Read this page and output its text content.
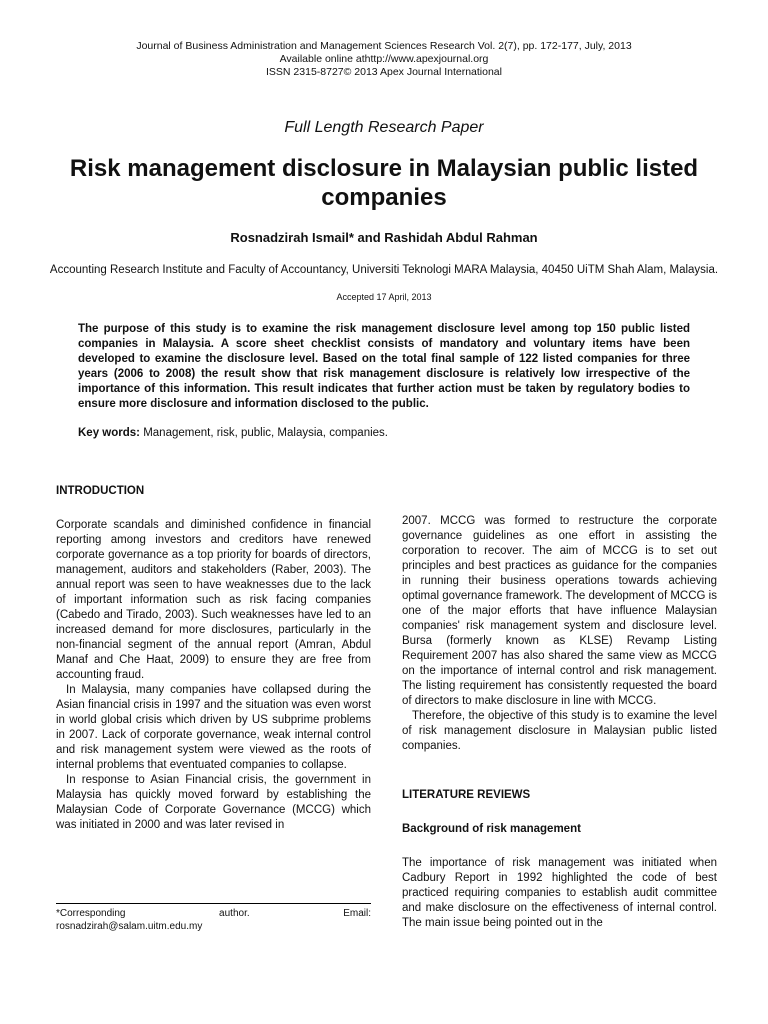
Journal of Business Administration and Management Sciences Research Vol. 2(7), pp. 172-177, July, 2013
Available online athttp://www.apexjournal.org
ISSN 2315-8727© 2013 Apex Journal International
Full Length Research Paper
Risk management disclosure in Malaysian public listed companies
Rosnadzirah Ismail* and Rashidah Abdul Rahman
Accounting Research Institute and Faculty of Accountancy, Universiti Teknologi MARA Malaysia, 40450 UiTM Shah Alam, Malaysia.
Accepted 17 April, 2013
The purpose of this study is to examine the risk management disclosure level among top 150 public listed companies in Malaysia. A score sheet checklist consists of mandatory and voluntary items have been developed to examine the disclosure level. Based on the total final sample of 122 listed companies for three years (2006 to 2008) the result show that risk management disclosure is relatively low irrespective of the importance of this information. This result indicates that further action must be taken by regulatory bodies to ensure more disclosure and information disclosed to the public.
Key words: Management, risk, public, Malaysia, companies.
INTRODUCTION

Corporate scandals and diminished confidence in financial reporting among investors and creditors have renewed corporate governance as a top priority for boards of directors, management, auditors and stakeholders (Raber, 2003). The annual report was seen to have weaknesses due to the lack of important information such as risk facing companies (Cabedo and Tirado, 2003). Such weaknesses have led to an increased demand for more disclosures, particularly in the non-financial segment of the annual report (Amran, Abdul Manaf and Che Haat, 2009) to ensure they are free from accounting fraud.

In Malaysia, many companies have collapsed during the Asian financial crisis in 1997 and the situation was even worst in world global crisis which driven by US subprime problems in 2007. Lack of corporate governance, weak internal control and risk management system were viewed as the roots of internal problems that eventuated companies to collapse.

In response to Asian Financial crisis, the government in Malaysia has quickly moved forward by establishing the Malaysian Code of Corporate Governance (MCCG) which was initiated in 2000 and was later revised in

2007. MCCG was formed to restructure the corporate governance guidelines as one effort in assisting the corporation to recover. The aim of MCCG is to set out principles and best practices as guidance for the companies in running their business operations towards achieving optimal governance framework. The development of MCCG is one of the major efforts that have influence Malaysian companies' risk management system and disclosure level. Bursa (formerly known as KLSE) Revamp Listing Requirement 2007 has also shared the same view as MCCG on the importance of internal control and risk management. The listing requirement has consistently requested the board of directors to make disclosure in line with MCCG.

Therefore, the objective of this study is to examine the level of risk management disclosure in Malaysian public listed companies.

LITERATURE REVIEWS
Background of risk management

The importance of risk management was initiated when Cadbury Report in 1992 highlighted the code of best practiced requiring companies to establish audit committee and make disclosure on the effectiveness of internal control. The main issue being pointed out in the

*Corresponding	author.	Email:
rosnadzirah@salam.uitm.edu.my
